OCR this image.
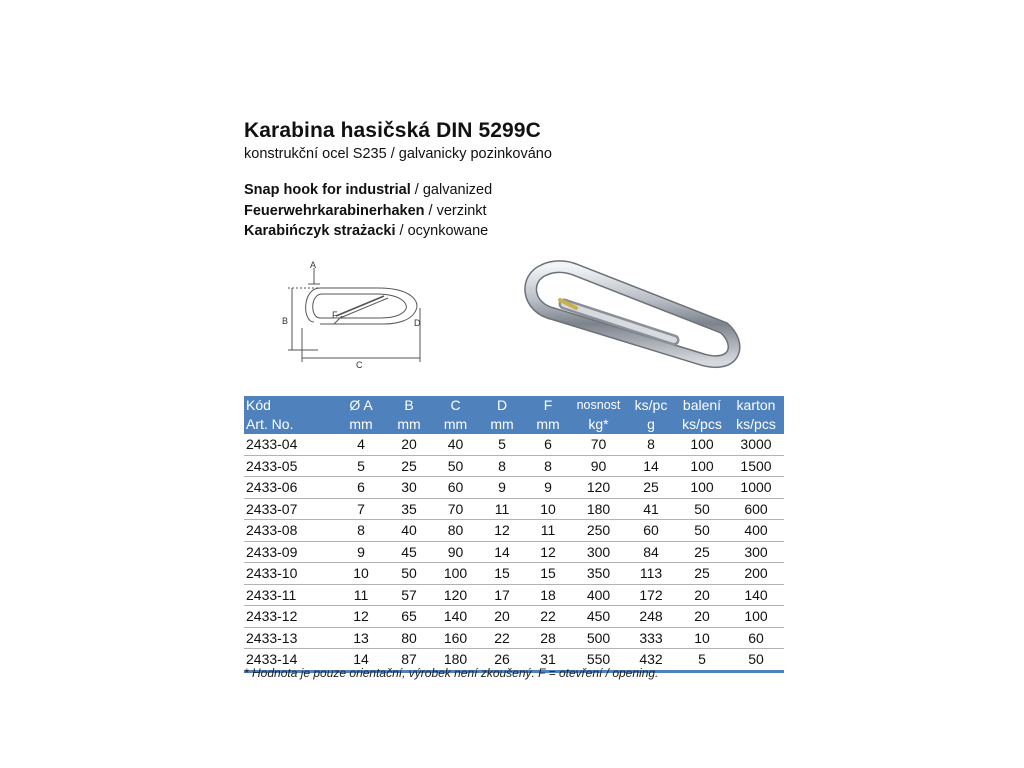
Karabina hasičská DIN 5299C
konstrukční ocel S235 / galvanicky pozinkováno
Snap hook for industrial / galvanized
Feuerwehrkarabinerhaken / verzinkt
Karabińczyk strażacki / ocynkowane
A
B
C
D
F
Kód	Ø A	B	C	D	F	nosnost	ks/pc	balení	karton
Art. No.	mm	mm	mm	mm	mm	kg*	g	ks/pcs	ks/pcs
2433-04	4	20	40	5	6	70	8	100	3000
2433-05	5	25	50	8	8	90	14	100	1500
2433-06	6	30	60	9	9	120	25	100	1000
2433-07	7	35	70	11	10	180	41	50	600
2433-08	8	40	80	12	11	250	60	50	400
2433-09	9	45	90	14	12	300	84	25	300
2433-10	10	50	100	15	15	350	113	25	200
2433-11	11	57	120	17	18	400	172	20	140
2433-12	12	65	140	20	22	450	248	20	100
2433-13	13	80	160	22	28	500	333	10	60
2433-14	14	87	180	26	31	550	432	5	50
* Hodnota je pouze orientační, výrobek není zkoušený. F = otevření / opening.
